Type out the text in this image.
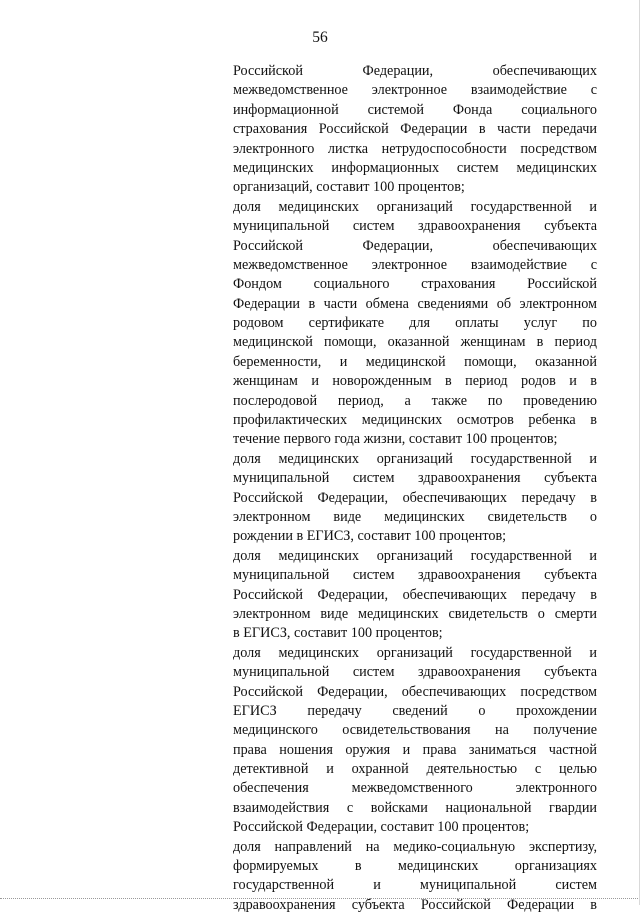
56
Российской Федерации, обеспечивающих
межведомственное электронное взаимодействие с
информационной системой Фонда социального
страхования Российской Федерации в части передачи
электронного листка нетрудоспособности посредством
медицинских информационных систем медицинских
организаций, составит 100 процентов;
доля медицинских организаций государственной и
муниципальной систем здравоохранения субъекта
Российской Федерации, обеспечивающих
межведомственное электронное взаимодействие с
Фондом социального страхования Российской
Федерации в части обмена сведениями об электронном
родовом сертификате для оплаты услуг по
медицинской помощи, оказанной женщинам в период
беременности, и медицинской помощи, оказанной
женщинам и новорожденным в период родов и в
послеродовой период, а также по проведению
профилактических медицинских осмотров ребенка в
течение первого года жизни, составит 100 процентов;
доля медицинских организаций государственной и
муниципальной систем здравоохранения субъекта
Российской Федерации, обеспечивающих передачу в
электронном виде медицинских свидетельств о
рождении в ЕГИСЗ, составит 100 процентов;
доля медицинских организаций государственной и
муниципальной систем здравоохранения субъекта
Российской Федерации, обеспечивающих передачу в
электронном виде медицинских свидетельств о смерти
в ЕГИСЗ, составит 100 процентов;
доля медицинских организаций государственной и
муниципальной систем здравоохранения субъекта
Российской Федерации, обеспечивающих посредством
ЕГИСЗ передачу сведений о прохождении
медицинского освидетельствования на получение
права ношения оружия и права заниматься частной
детективной и охранной деятельностью с целью
обеспечения межведомственного электронного
взаимодействия с войсками национальной гвардии
Российской Федерации, составит 100 процентов;
доля направлений на медико-социальную экспертизу,
формируемых в медицинских организациях
государственной и муниципальной систем
здравоохранения субъекта Российской Федерации в
